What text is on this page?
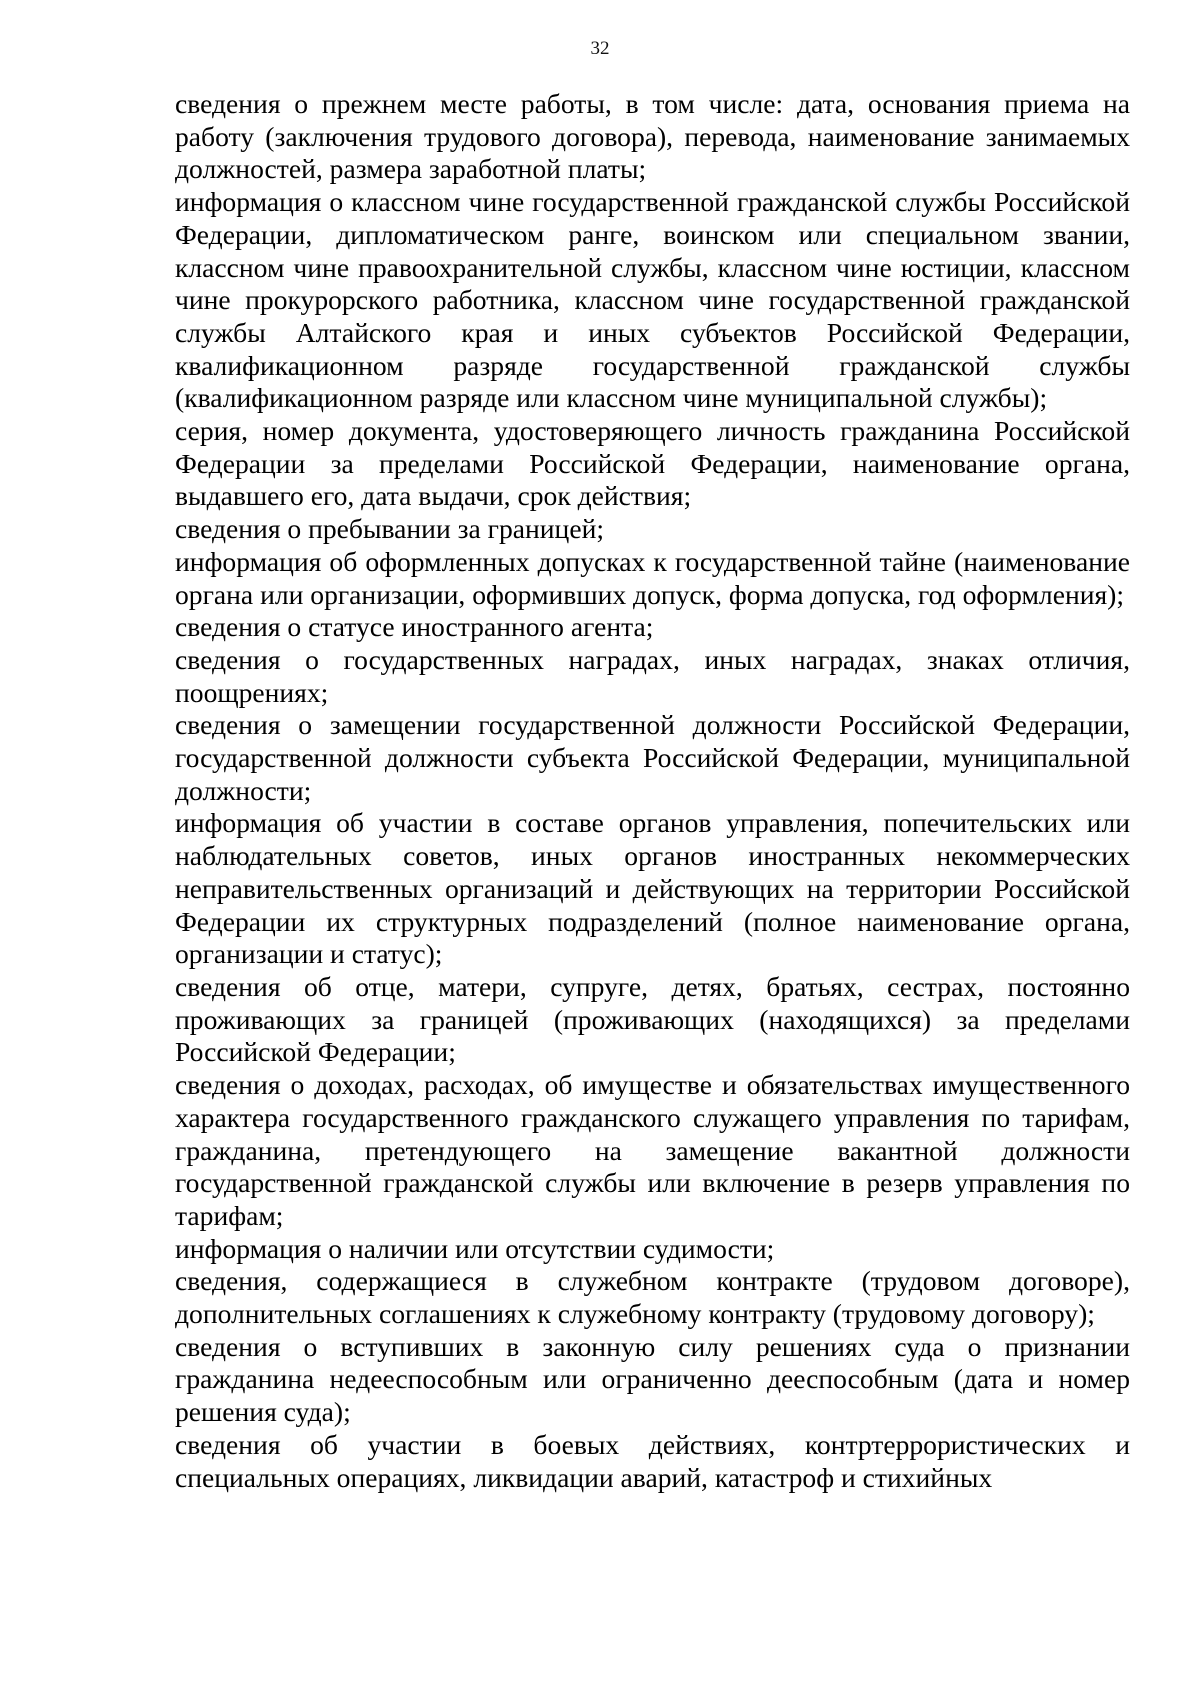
32

сведения о прежнем месте работы, в том числе: дата, основания приема на работу (заключения трудового договора), перевода, наименование занимаемых должностей, размера заработной платы;

информация о классном чине государственной гражданской службы Российской Федерации, дипломатическом ранге, воинском или специальном звании, классном чине правоохранительной службы, классном чине юстиции, классном чине прокурорского работника, классном чине государственной гражданской службы Алтайского края и иных субъектов Российской Федерации, квалификационном разряде государственной гражданской службы (квалификационном разряде или классном чине муниципальной службы);

серия, номер документа, удостоверяющего личность гражданина Российской Федерации за пределами Российской Федерации, наименование органа, выдавшего его, дата выдачи, срок действия;

сведения о пребывании за границей;

информация об оформленных допусках к государственной тайне (наименование органа или организации, оформивших допуск, форма допуска, год оформления);

сведения о статусе иностранного агента;

сведения о государственных наградах, иных наградах, знаках отличия, поощрениях;

сведения о замещении государственной должности Российской Федерации, государственной должности субъекта Российской Федерации, муниципальной должности;

информация об участии в составе органов управления, попечительских или наблюдательных советов, иных органов иностранных некоммерческих неправительственных организаций и действующих на территории Российской Федерации их структурных подразделений (полное наименование органа, организации и статус);

сведения об отце, матери, супруге, детях, братьях, сестрах, постоянно проживающих за границей (проживающих (находящихся) за пределами Российской Федерации;

сведения о доходах, расходах, об имуществе и обязательствах имущественного характера государственного гражданского служащего управления по тарифам, гражданина, претендующего на замещение вакантной должности государственной гражданской службы или включение в резерв управления по тарифам;

информация о наличии или отсутствии судимости;

сведения, содержащиеся в служебном контракте (трудовом договоре), дополнительных соглашениях к служебному контракту (трудовому договору);

сведения о вступивших в законную силу решениях суда о признании гражданина недееспособным или ограниченно дееспособным (дата и номер решения суда);

сведения об участии в боевых действиях, контртеррористических и специальных операциях, ликвидации аварий, катастроф и стихийных
